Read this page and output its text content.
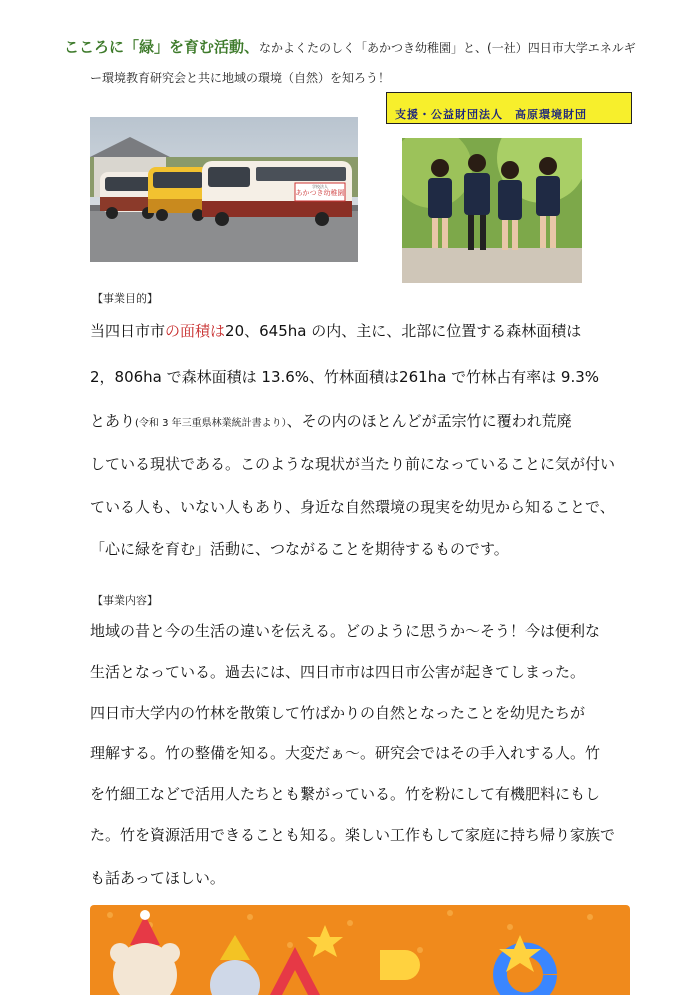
こころに「緑」を育む活動、なかよくたのしく「あかつき幼稚園」と、(一社）四日市大学エネルギ
ー環境教育研究会と共に地域の環境（自然）を知ろう！
支援・公益財団法人　高原環境財団
あかつき幼稚園
学校法人
【事業目的】
当四日市市の面積は20、645ha の内、主に、北部に位置する森林面積は
2，806ha で森林面積は 13.6%、竹林面積は261ha で竹林占有率は 9.3%
とあり(令和 3 年三重県林業統計書より）、その内のほとんどが孟宗竹に覆われ荒廃
している現状である。このような現状が当たり前になっていることに気が付い
ている人も、いない人もあり、身近な自然環境の現実を幼児から知ることで、
「心に緑を育む」活動に、つながることを期待するものです。
【事業内容】
地域の昔と今の生活の違いを伝える。どのように思うか～そう！今は便利な
生活となっている。過去には、四日市市は四日市公害が起きてしまった。
四日市大学内の竹林を散策して竹ばかりの自然となったことを幼児たちが
理解する。竹の整備を知る。大変だぁ～。研究会ではその手入れする人。竹
を竹細工などで活用人たちとも繋がっている。竹を粉にして有機肥料にもし
た。竹を資源活用できることも知る。楽しい工作もして家庭に持ち帰り家族で
も話あってほしい。
